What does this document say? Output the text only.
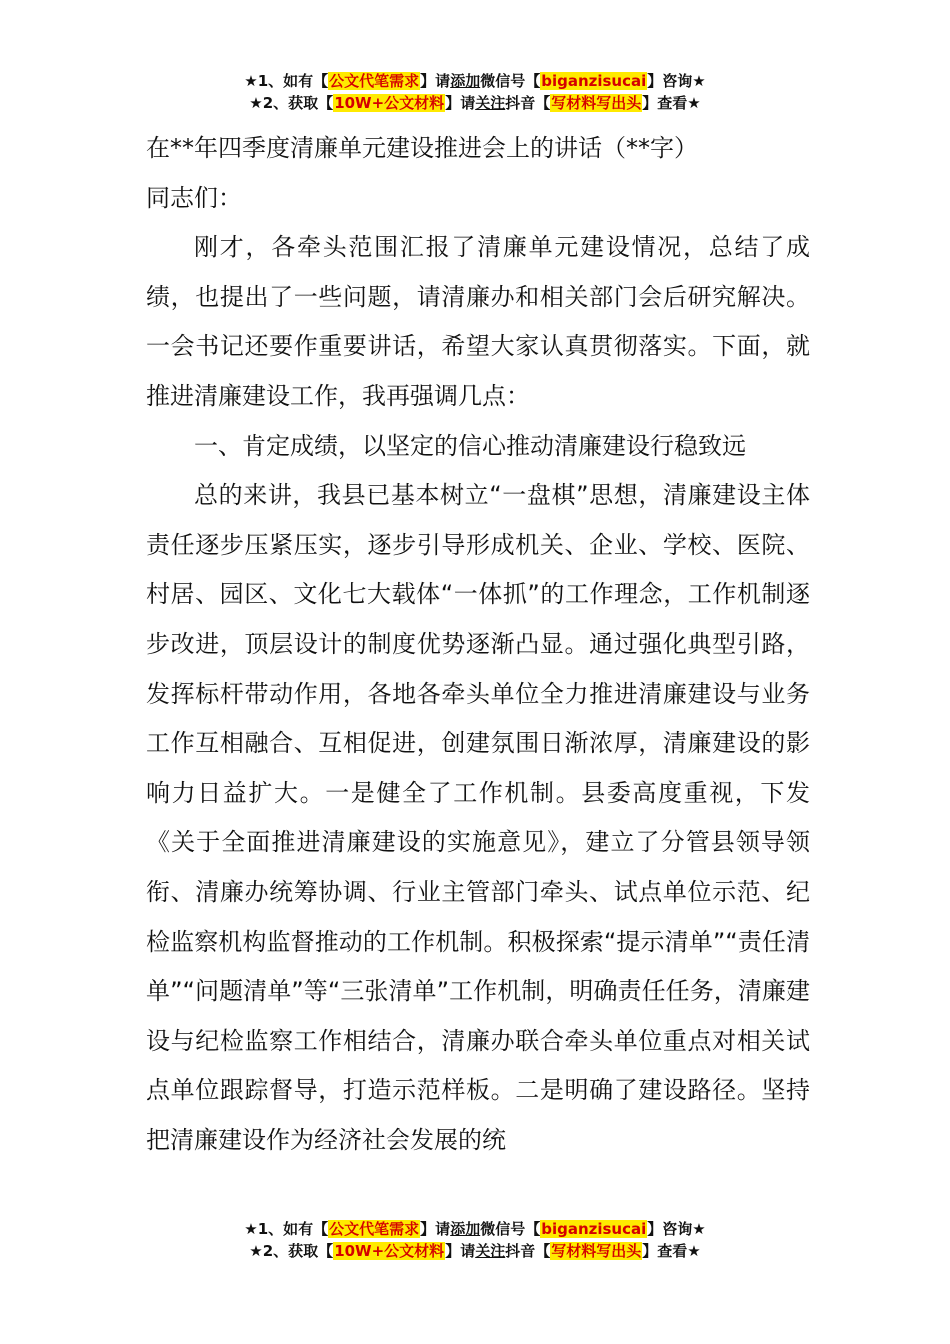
★1、如有【公文代笔需求】请添加微信号【biganzisucai】咨询★
★2、获取【10W+公文材料】请关注抖音【写材料写出头】查看★

在**年四季度清廉单元建设推进会上的讲话（**字）

同志们：

刚才，各牵头范围汇报了清廉单元建设情况，总结了成绩，也提出了一些问题，请清廉办和相关部门会后研究解决。一会书记还要作重要讲话，希望大家认真贯彻落实。下面，就推进清廉建设工作，我再强调几点：

一、肯定成绩，以坚定的信心推动清廉建设行稳致远

总的来讲，我县已基本树立“一盘棋”思想，清廉建设主体责任逐步压紧压实，逐步引导形成机关、企业、学校、医院、村居、园区、文化七大载体“一体抓”的工作理念，工作机制逐步改进，顶层设计的制度优势逐渐凸显。通过强化典型引路，发挥标杆带动作用，各地各牵头单位全力推进清廉建设与业务工作互相融合、互相促进，创建氛围日渐浓厚，清廉建设的影响力日益扩大。一是健全了工作机制。县委高度重视，下发《关于全面推进清廉建设的实施意见》，建立了分管县领导领衔、清廉办统筹协调、行业主管部门牵头、试点单位示范、纪检监察机构监督推动的工作机制。积极探索“提示清单”“责任清单”“问题清单”等“三张清单”工作机制，明确责任任务，清廉建设与纪检监察工作相结合，清廉办联合牵头单位重点对相关试点单位跟踪督导，打造示范样板。二是明确了建设路径。坚持把清廉建设作为经济社会发展的统

★1、如有【公文代笔需求】请添加微信号【biganzisucai】咨询★
★2、获取【10W+公文材料】请关注抖音【写材料写出头】查看★
